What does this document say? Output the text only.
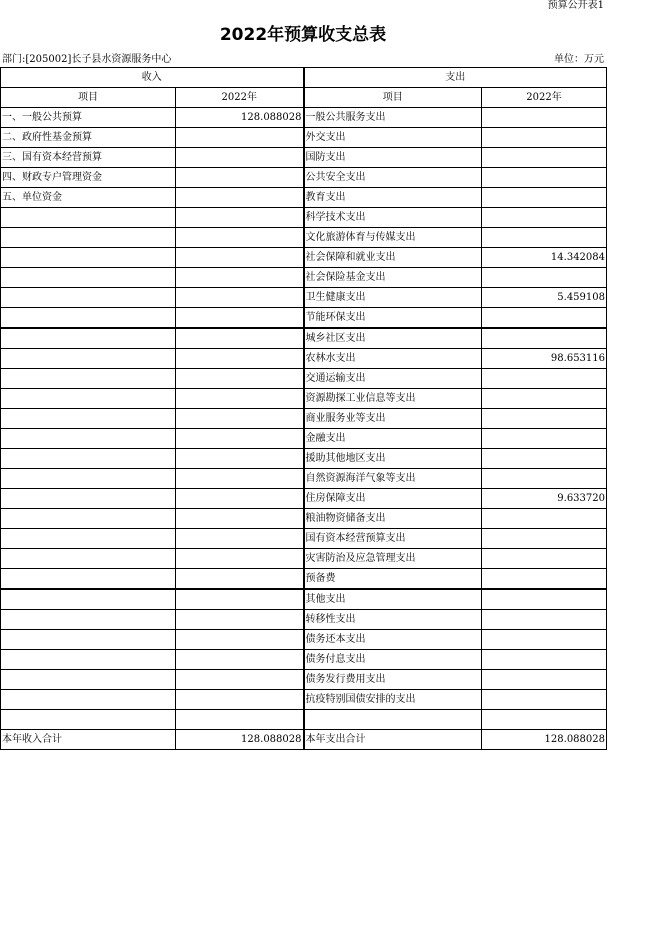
预算公开表1
2022年预算收支总表
部门:[205002]长子县水资源服务中心	单位：万元
收入		支出	
项目	2022年	项目	2022年
一、一般公共预算	128.088028	一般公共服务支出	
二、政府性基金预算		外交支出	
三、国有资本经营预算		国防支出	
四、财政专户管理资金		公共安全支出	
五、单位资金		教育支出	
		科学技术支出	
		文化旅游体育与传媒支出	
		社会保障和就业支出	14.342084
		社会保险基金支出	
		卫生健康支出	5.459108
		节能环保支出	
		城乡社区支出	
		农林水支出	98.653116
		交通运输支出	
		资源勘探工业信息等支出	
		商业服务业等支出	
		金融支出	
		援助其他地区支出	
		自然资源海洋气象等支出	
		住房保障支出	9.633720
		粮油物资储备支出	
		国有资本经营预算支出	
		灾害防治及应急管理支出	
		预备费	
		其他支出	
		转移性支出	
		债务还本支出	
		债务付息支出	
		债务发行费用支出	
		抗疫特别国债安排的支出	

本年收入合计	128.088028	本年支出合计	128.088028
